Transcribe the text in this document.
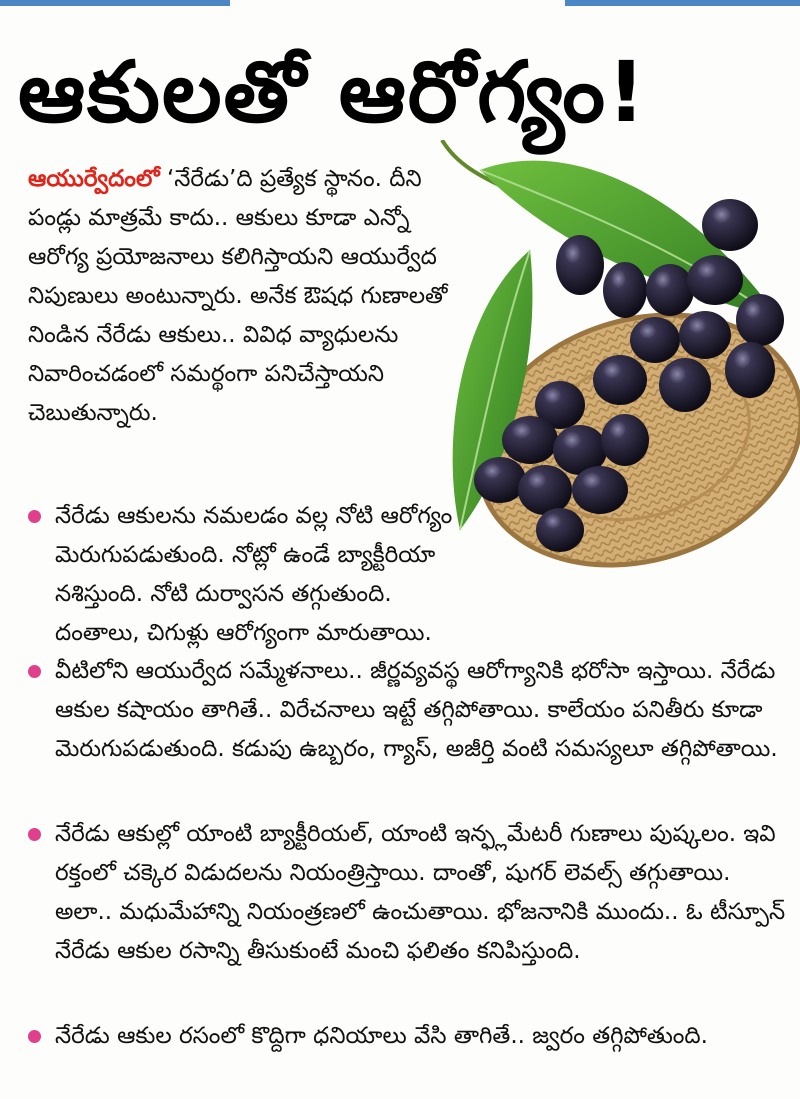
ఆకులతో ఆరోగ్యం!
ఆయుర్వేదంలో ‘నేరేడు’ది ప్రత్యేక స్థానం. దీని పండ్లు మాత్రమే కాదు.. ఆకులు కూడా ఎన్నో ఆరోగ్య ప్రయోజనాలు కలిగిస్తాయని ఆయుర్వేద నిపుణులు అంటున్నారు. అనేక ఔషధ గుణాలతో నిండిన నేరేడు ఆకులు.. వివిధ వ్యాధులను నివారించడంలో సమర్థంగా పనిచేస్తాయని చెబుతున్నారు.
నేరేడు ఆకులను నమలడం వల్ల నోటి ఆరోగ్యం మెరుగుపడుతుంది. నోట్లో ఉండే బ్యాక్టీరియా నశిస్తుంది. నోటి దుర్వాసన తగ్గుతుంది. దంతాలు, చిగుళ్లు ఆరోగ్యంగా మారుతాయి.
వీటిలోని ఆయుర్వేద సమ్మేళనాలు.. జీర్ణవ్యవస్థ ఆరోగ్యానికి భరోసా ఇస్తాయి. నేరేడు ఆకుల కషాయం తాగితే.. విరేచనాలు ఇట్టే తగ్గిపోతాయి. కాలేయం పనితీరు కూడా మెరుగుపడుతుంది. కడుపు ఉబ్బరం, గ్యాస్, అజీర్తి వంటి సమస్యలూ తగ్గిపోతాయి.
నేరేడు ఆకుల్లో యాంటి బ్యాక్టీరియల్, యాంటి ఇన్ఫ్లమేటరీ గుణాలు పుష్కలం. ఇవి రక్తంలో చక్కెర విడుదలను నియంత్రిస్తాయి. దాంతో, షుగర్ లెవల్స్ తగ్గుతాయి. అలా.. మధుమేహాన్ని నియంత్రణలో ఉంచుతాయి. భోజనానికి ముందు.. ఓ టీస్పూన్ నేరేడు ఆకుల రసాన్ని తీసుకుంటే మంచి ఫలితం కనిపిస్తుంది.
నేరేడు ఆకుల రసంలో కొద్దిగా ధనియాలు వేసి తాగితే.. జ్వరం తగ్గిపోతుంది.
